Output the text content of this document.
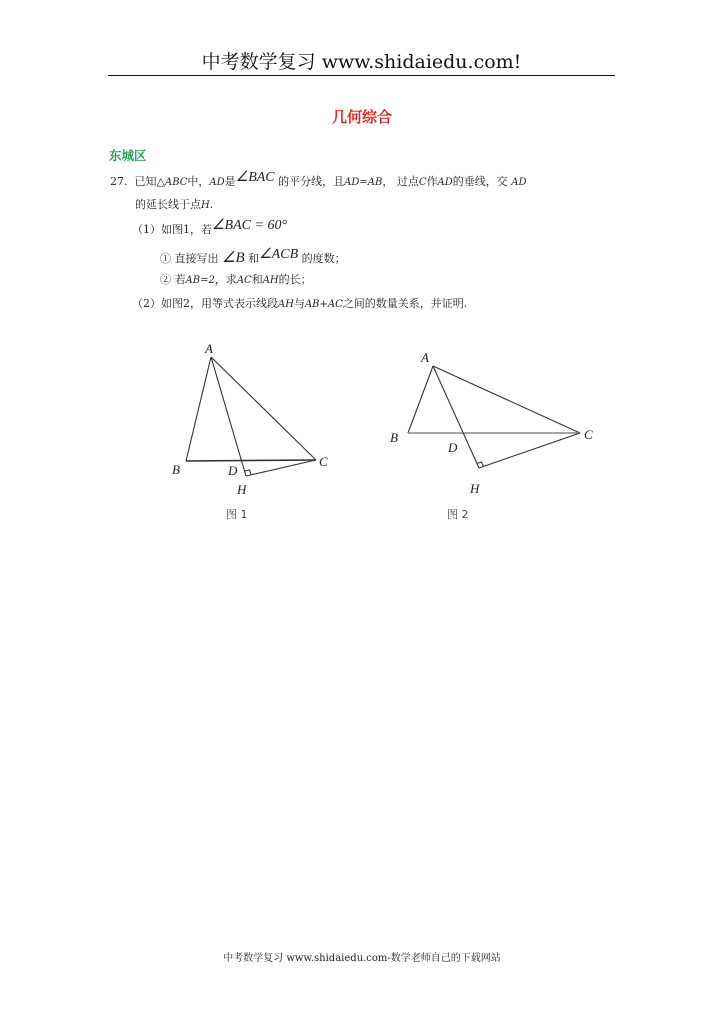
中考数学复习 www.shidaiedu.com!
几何综合
东城区
27. 已知△ABC中，AD是∠BAC 的平分线，且AD=AB， 过点C作AD的垂线，交 AD
的延长线于点H.
（1）如图1，若∠BAC = 60°
① 直接写出 ∠B 和∠ACB 的度数；
② 若AB=2，求AC和AH的长；
（2）如图2，用等式表示线段AH与AB+AC之间的数量关系，并证明.
A
B	D
C
H
A
B
D
C
H
图 1	图 2
中考数学复习 www.shidaiedu.com-数学老师自己的下载网站
